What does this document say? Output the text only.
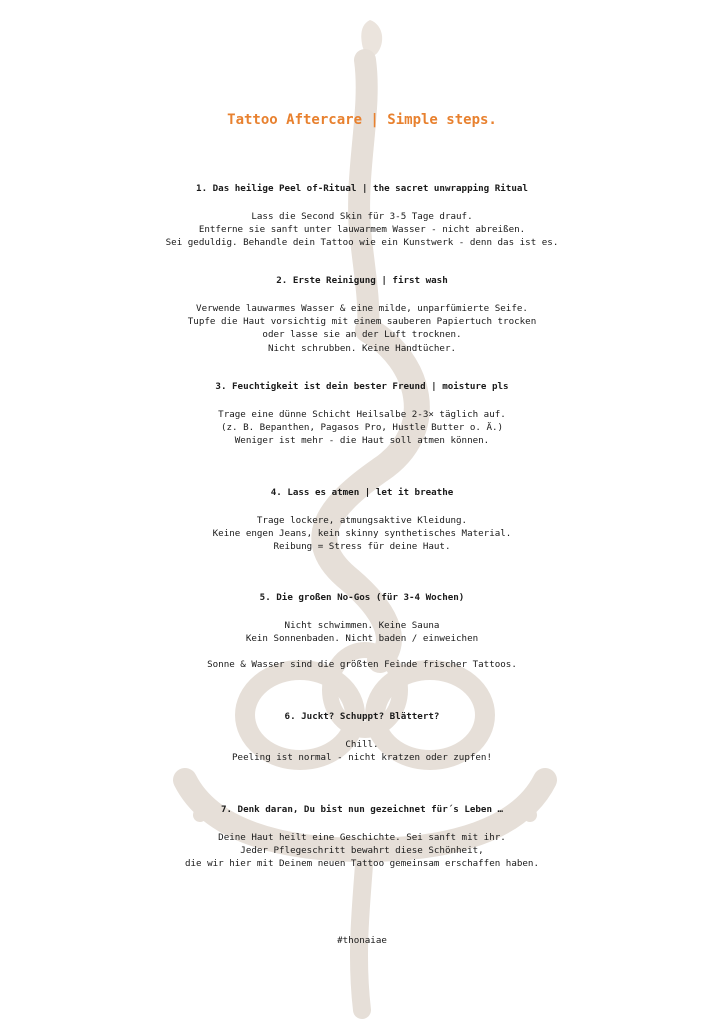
Tattoo Aftercare | Simple steps.
1. Das heilige Peel of-Ritual | the sacret unwrapping Ritual

Lass die Second Skin für 3-5 Tage drauf.

Entferne sie sanft unter lauwarmem Wasser - nicht abreißen.

Sei geduldig. Behandle dein Tattoo wie ein Kunstwerk - denn das ist es.

2. Erste Reinigung | first wash

Verwende lauwarmes Wasser & eine milde, unparfümierte Seife.

Tupfe die Haut vorsichtig mit einem sauberen Papiertuch trocken

oder lasse sie an der Luft trocknen.

Nicht schrubben. Keine Handtücher.

3. Feuchtigkeit ist dein bester Freund | moisture pls

Trage eine dünne Schicht Heilsalbe 2-3× täglich auf.

(z. B. Bepanthen, Pagasos Pro, Hustle Butter o. Ä.)

Weniger ist mehr - die Haut soll atmen können.

4. Lass es atmen | let it breathe

Trage lockere, atmungsaktive Kleidung.

Keine engen Jeans, kein skinny synthetisches Material.

Reibung = Stress für deine Haut.

5. Die großen No-Gos (für 3-4 Wochen)

Nicht schwimmen. Keine Sauna

Kein Sonnenbaden. Nicht baden / einweichen

Sonne & Wasser sind die größten Feinde frischer Tattoos.

6. Juckt? Schuppt? Blättert?

Chill.

Peeling ist normal - nicht kratzen oder zupfen!

7. Denk daran, Du bist nun gezeichnet für´s Leben …

Deine Haut heilt eine Geschichte. Sei sanft mit ihr.

Jeder Pflegeschritt bewahrt diese Schönheit,

die wir hier mit Deinem neuen Tattoo gemeinsam erschaffen haben.

#thonaiae
